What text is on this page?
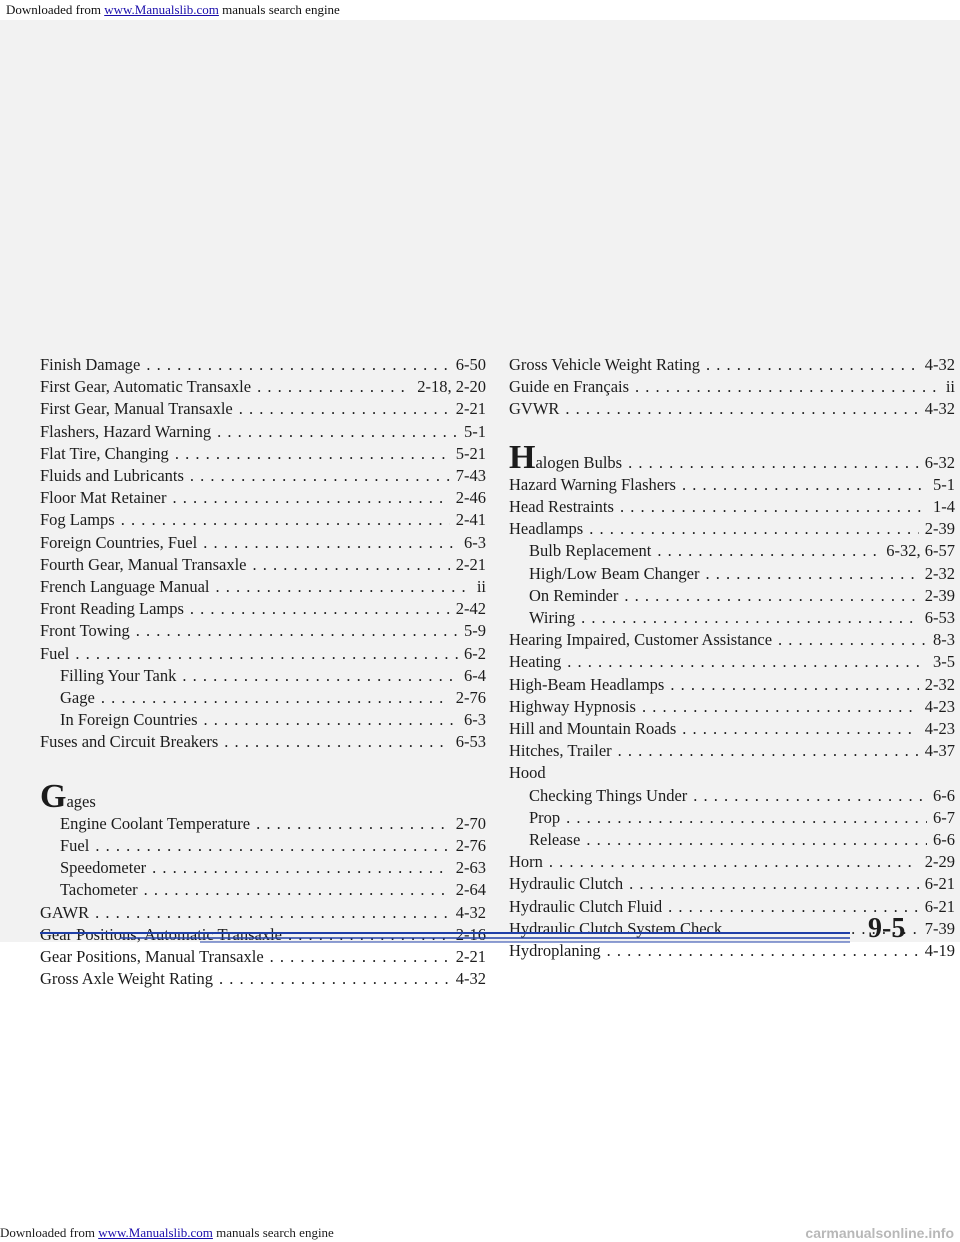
Downloaded from www.Manualslib.com manuals search engine
Finish Damage . . .	6-50
First Gear, Automatic Transaxle . . .	2-18, 2-20
First Gear, Manual Transaxle . . .	2-21
Flashers, Hazard Warning . . .	5-1
Flat Tire, Changing . . .	5-21
Fluids and Lubricants . . .	7-43
Floor Mat Retainer . . .	2-46
Fog Lamps . . .	2-41
Foreign Countries, Fuel . . .	6-3
Fourth Gear, Manual Transaxle . . .	2-21
French Language Manual . . .	ii
Front Reading Lamps . . .	2-42
Front Towing . . .	5-9
Fuel . . .	6-2
Filling Your Tank . . .	6-4
Gage . . .	2-76
In Foreign Countries . . .	6-3
Fuses and Circuit Breakers . . .	6-53
Gages
Engine Coolant Temperature . . .	2-70
Fuel . . .	2-76
Speedometer . . .	2-63
Tachometer . . .	2-64
GAWR . . .	4-32
Gear Positions, Automatic Transaxle . . .	2-16
Gear Positions, Manual Transaxle . . .	2-21
Gross Axle Weight Rating . . .	4-32
Gross Vehicle Weight Rating . . .	4-32
Guide en Français . . .	ii
GVWR . . .	4-32
Halogen Bulbs . . .	6-32
Hazard Warning Flashers . . .	5-1
Head Restraints . . .	1-4
Headlamps . . .	2-39
Bulb Replacement . . .	6-32, 6-57
High/Low Beam Changer . . .	2-32
On Reminder . . .	2-39
Wiring . . .	6-53
Hearing Impaired, Customer Assistance . . .	8-3
Heating . . .	3-5
High-Beam Headlamps . . .	2-32
Highway Hypnosis . . .	4-23
Hill and Mountain Roads . . .	4-23
Hitches, Trailer . . .	4-37
Hood
Checking Things Under . . .	6-6
Prop . . .	6-7
Release . . .	6-6
Horn . . .	2-29
Hydraulic Clutch . . .	6-21
Hydraulic Clutch Fluid . . .	6-21
Hydraulic Clutch System Check . . .	7-39
Hydroplaning . . .	4-19
9-5
Downloaded from www.Manualslib.com manuals search engine	carmanualsonline.info
